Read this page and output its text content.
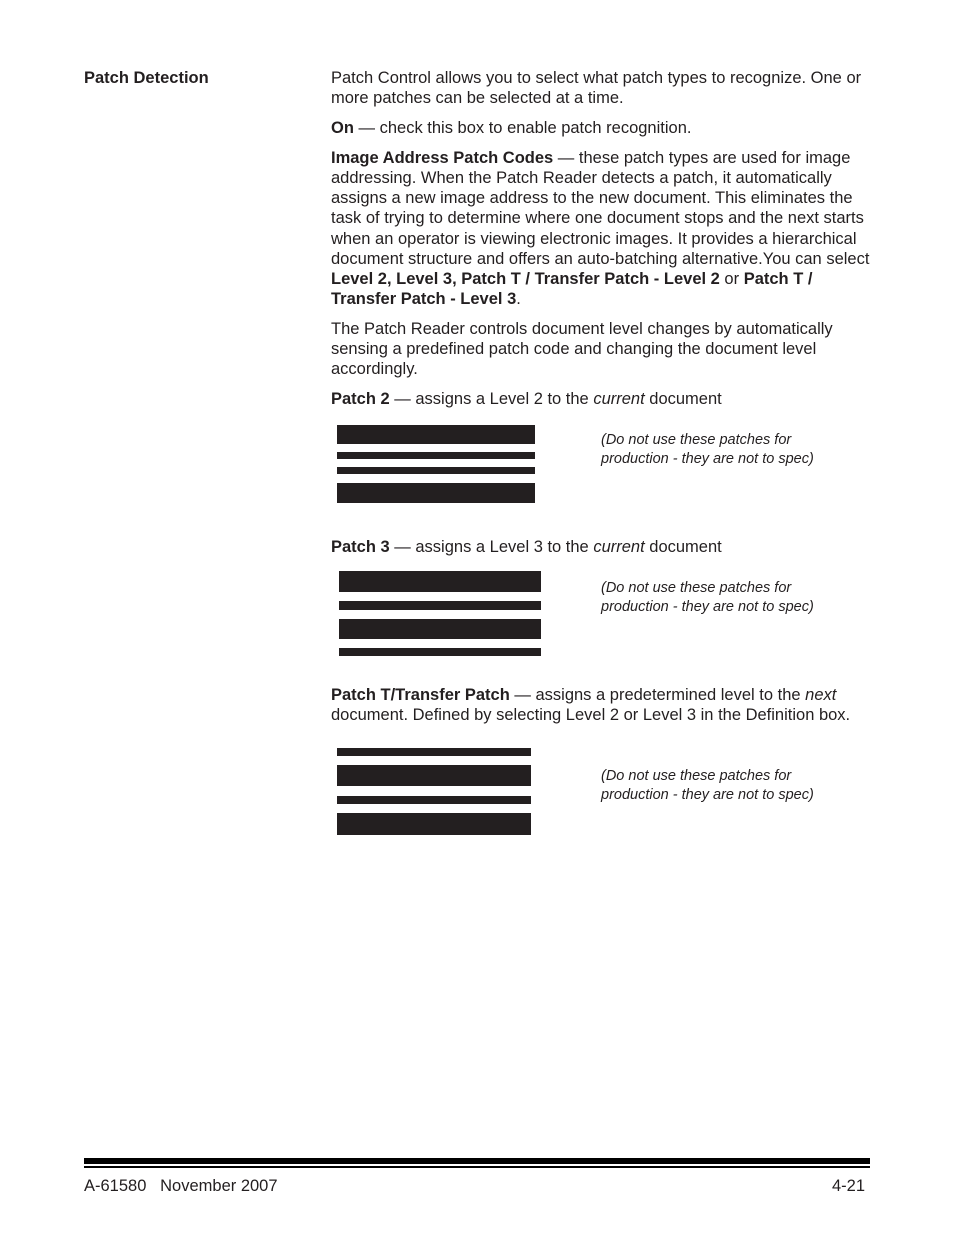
Patch Detection	Patch Control allows you to select what patch types to recognize. One or more patches can be selected at a time.

On — check this box to enable patch recognition.

Image Address Patch Codes — these patch types are used for image addressing. When the Patch Reader detects a patch, it automatically assigns a new image address to the new document. This eliminates the task of trying to determine where one document stops and the next starts when an operator is viewing electronic images. It provides a hierarchical document structure and offers an auto-batching alternative.You can select Level 2, Level 3, Patch T / Transfer Patch - Level 2 or Patch T / Transfer Patch - Level 3.

The Patch Reader controls document level changes by automatically sensing a predefined patch code and changing the document level accordingly.

Patch 2 — assigns a Level 2 to the current document

(Do not use these patches for production - they are not to spec)

Patch 3 — assigns a Level 3 to the current document

(Do not use these patches for production - they are not to spec)

Patch T/Transfer Patch — assigns a predetermined level to the next document. Defined by selecting Level 2 or Level 3 in the Definition box.

(Do not use these patches for production - they are not to spec)
A-61580   November 2007	4-21
